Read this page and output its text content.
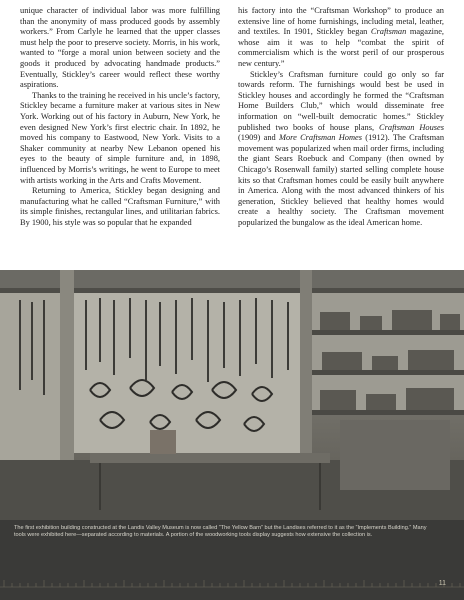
unique character of individual labor was more fulfilling than the anonymity of mass produced goods by assembly workers.” From Carlyle he learned that the upper classes must help the poor to preserve society. Morris, in his work, wanted to “forge a moral union between society and the goods it produced by advocating handmade products.” Eventually, Stickley’s career would reflect these worthy aspirations.

Thanks to the training he received in his uncle’s factory, Stickley became a furniture maker at various sites in New York. Working out of his factory in Auburn, New York, he even designed New York’s first electric chair. In 1892, he moved his company to Eastwood, New York. Visits to a Shaker community at nearby New Lebanon opened his eyes to the beauty of simple furniture and, in 1898, influenced by Morris’s writings, he went to Europe to meet with artists working in the Arts and Crafts Movement.

Returning to America, Stickley began designing and manufacturing what he called “Craftsman Furniture,” with its simple finishes, rectangular lines, and utilitarian fabrics. By 1900, his style was so popular that he expanded

his factory into the “Craftsman Workshop” to produce an extensive line of home furnishings, including metal, leather, and textiles. In 1901, Stickley began Craftsman magazine, whose aim it was to help “combat the spirit of commercialism which is the worst peril of our prosperous new century.”

Stickley’s Craftsman furniture could go only so far towards reform. The furnishings would best be used in Stickley houses and accordingly he formed the “Craftsman Home Builders Club,” which would disseminate free information on “well-built democratic homes.” Stickley published two books of house plans, Craftsman Houses (1909) and More Craftsman Homes (1912). The Craftsman movement was popularized when mail order firms, including the giant Sears Roebuck and Company (then owned by Chicago’s Rosenwall family) started selling complete house kits so that Craftsman homes could be easily built anywhere in America. Along with the most advanced thinkers of his generation, Stickley believed that healthy homes would create a healthy society. The Craftsman movement popularized the bungalow as the ideal American home.

The first exhibition building constructed at the Landis Valley Museum is now called “The Yellow Barn” but the Landises referred to it as the “Implements Building.” Many tools were exhibited here—separated according to materials. A portion of the woodworking tools display suggests how extensive the collection is.
11
